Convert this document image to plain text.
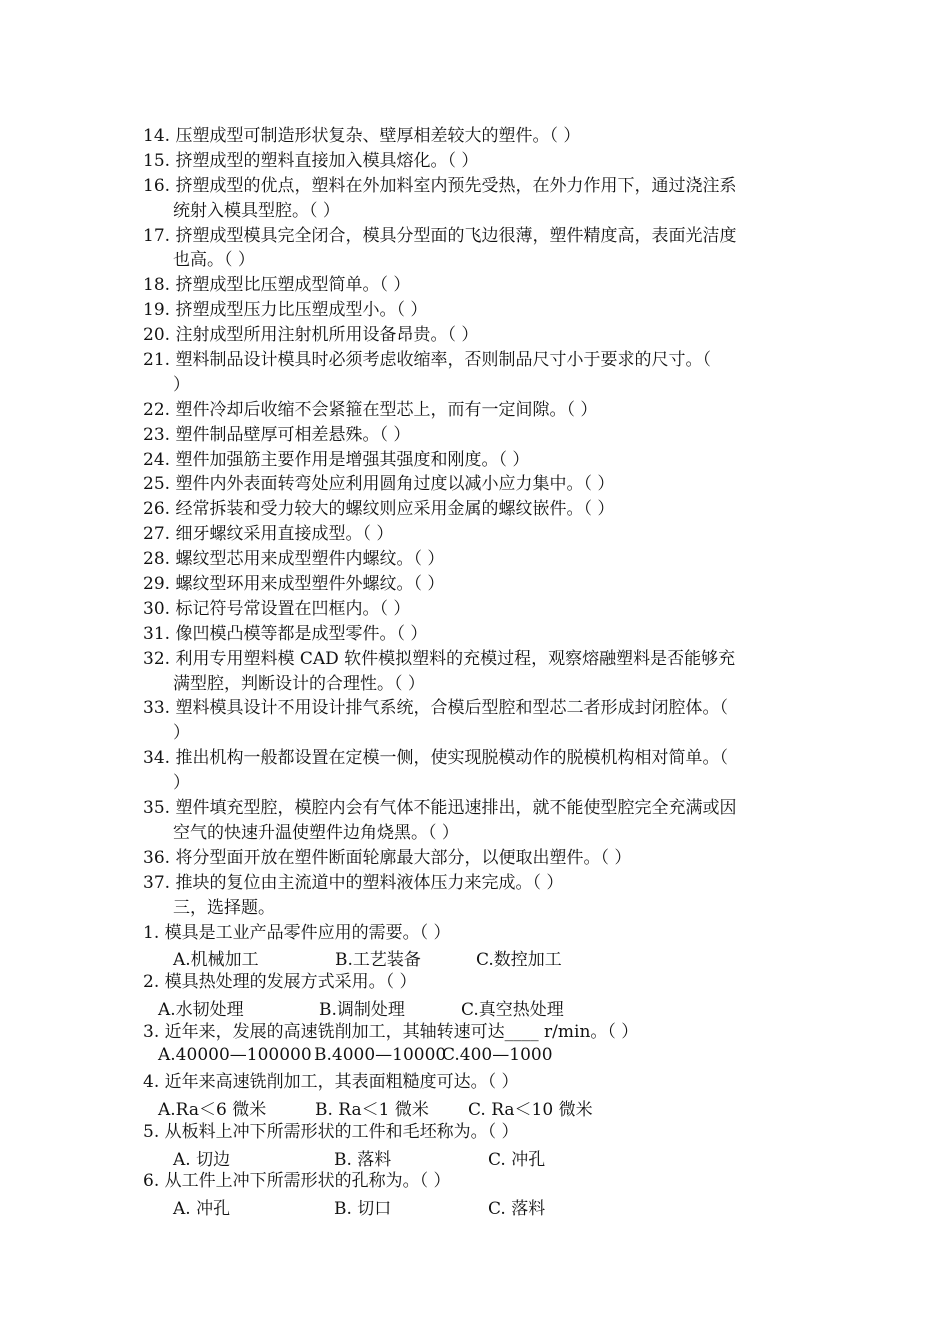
14. 压塑成型可制造形状复杂、壁厚相差较大的塑件。（ ）
15. 挤塑成型的塑料直接加入模具熔化。（ ）
16. 挤塑成型的优点，塑料在外加料室内预先受热，在外力作用下，通过浇注系
统射入模具型腔。（ ）
17. 挤塑成型模具完全闭合，模具分型面的飞边很薄，塑件精度高，表面光洁度
也高。（ ）
18. 挤塑成型比压塑成型简单。（ ）
19. 挤塑成型压力比压塑成型小。（ ）
20. 注射成型所用注射机所用设备昂贵。（ ）
21. 塑料制品设计模具时必须考虑收缩率，否则制品尺寸小于要求的尺寸。（
）
22. 塑件冷却后收缩不会紧箍在型芯上，而有一定间隙。（ ）
23. 塑件制品壁厚可相差悬殊。（ ）
24. 塑件加强筋主要作用是增强其强度和刚度。（ ）
25. 塑件内外表面转弯处应利用圆角过度以减小应力集中。（ ）
26. 经常拆装和受力较大的螺纹则应采用金属的螺纹嵌件。（ ）
27. 细牙螺纹采用直接成型。（ ）
28. 螺纹型芯用来成型塑件内螺纹。（ ）
29. 螺纹型环用来成型塑件外螺纹。（ ）
30. 标记符号常设置在凹框内。（ ）
31. 像凹模凸模等都是成型零件。（ ）
32. 利用专用塑料模 CAD 软件模拟塑料的充模过程，观察熔融塑料是否能够充
满型腔，判断设计的合理性。（ ）
33. 塑料模具设计不用设计排气系统，合模后型腔和型芯二者形成封闭腔体。（
）
34. 推出机构一般都设置在定模一侧，使实现脱模动作的脱模机构相对简单。（
）
35. 塑件填充型腔，模腔内会有气体不能迅速排出，就不能使型腔完全充满或因
空气的快速升温使塑件边角烧黑。（ ）
36. 将分型面开放在塑件断面轮廓最大部分，以便取出塑件。（ ）
37. 推块的复位由主流道中的塑料液体压力来完成。（ ）
三，选择题。
1. 模具是工业产品零件应用的需要。（ ）
A.机械加工	B.工艺装备	C.数控加工
2. 模具热处理的发展方式采用。（ ）
A.水韧处理	B.调制处理	C.真空热处理
3. 近年来，发展的高速铣削加工，其轴转速可达____ r/min。（ ）
A.40000—100000 B.4000—10000
C.400—1000
4. 近年来高速铣削加工，其表面粗糙度可达。（ ）
A.Ra＜6 微米	B. Ra＜1 微米 C. Ra＜10 微米
5. 从板料上冲下所需形状的工件和毛坯称为。（ ）
A. 切边	B. 落料	C. 冲孔
6. 从工件上冲下所需形状的孔称为。（ ）
A. 冲孔	B. 切口	C. 落料
